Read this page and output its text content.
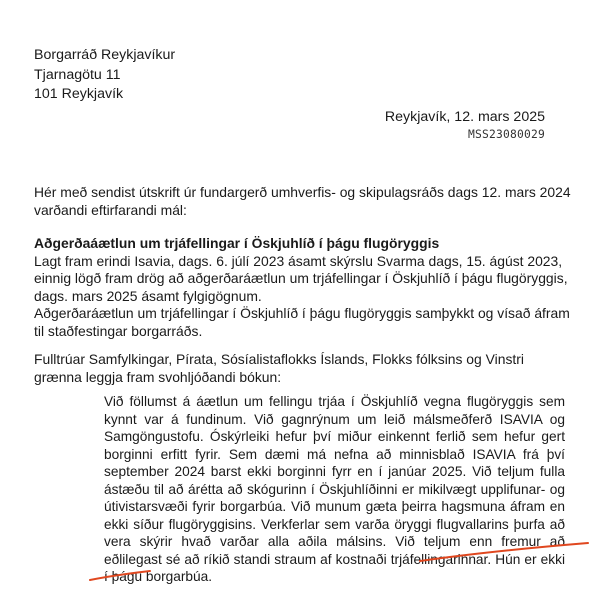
Borgarráð Reykjavíkur
Tjarnagötu 11
101 Reykjavík
Reykjavík, 12. mars 2025
MSS23080029
Hér með sendist útskrift úr fundargerð umhverfis- og skipulagsráðs dags 12. mars 2024 varðandi eftirfarandi mál:
Aðgerðaáætlun um trjáfellingar í Öskjuhlíð í þágu flugöryggis
Lagt fram erindi Isavia, dags. 6. júlí 2023 ásamt skýrslu Svarma dags, 15. ágúst 2023, einnig lögð fram drög að aðgerðaráætlun um trjáfellingar í Öskjuhlíð í þágu flugöryggis, dags. mars 2025 ásamt fylgigögnum.
Aðgerðaráætlun um trjáfellingar í Öskjuhlíð í þágu flugöryggis samþykkt og vísað áfram til staðfestingar borgarráðs.
Fulltrúar Samfylkingar, Pírata, Sósíalistaflokks Íslands, Flokks fólksins og Vinstri grænna leggja fram svohljóðandi bókun:
Við föllumst á áætlun um fellingu trjáa í Öskjuhlíð vegna flugöryggis sem kynnt var á fundinum. Við gagnrýnum um leið málsmeðferð ISAVIA og Samgöngustofu. Óskýrleiki hefur því miður einkennt ferlið sem hefur gert borginni erfitt fyrir. Sem dæmi má nefna að minnisblað ISAVIA frá því september 2024 barst ekki borginni fyrr en í janúar 2025. Við teljum fulla ástæðu til að árétta að skógurinn í Öskjuhlíðinni er mikilvægt upplifunar- og útivistarsvæði fyrir borgarbúa. Við munum gæta þeirra hagsmuna áfram en ekki síður flugöryggisins. Verkferlar sem varða öryggi flugvallarins þurfa að vera skýrir hvað varðar alla aðila málsins. Við teljum enn fremur að eðlilegast sé að ríkið standi straum af kostnaði trjáfellingarinnar. Hún er ekki í þágu borgarbúa.
